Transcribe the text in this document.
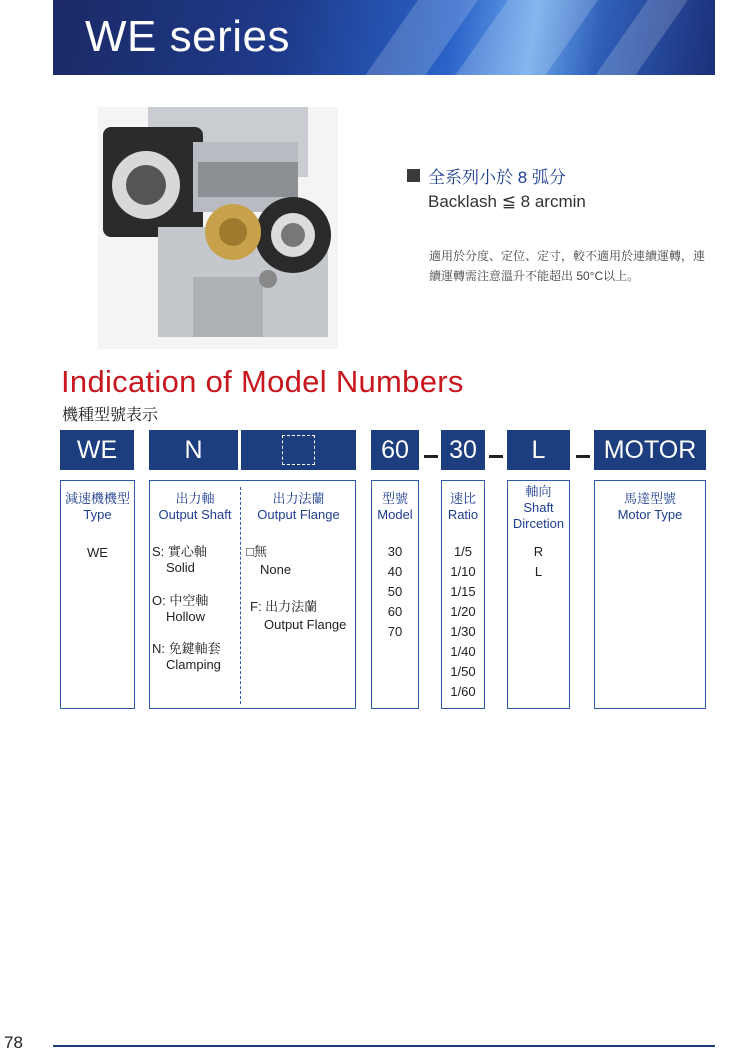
WE series
全系列小於 8 弧分
Backlash ≦ 8 arcmin
適用於分度、定位、定寸，較不適用於連續運轉，連續運轉需注意溫升不能超出 50°C以上。
Indication of Model Numbers
機種型號表示
WE	N	60 30 L MOTOR
減速機機型
Type
WE
出力軸
Output Shaft
出力法蘭
Output Flange
S: 實心軸
Solid
O: 中空軸
Hollow
N: 免鍵軸套
Clamping
□無
None
F: 出力法蘭
Output Flange
型號
Model
30
40
50
60
70
速比
Ratio
1/5
1/10
1/15
1/20
1/30
1/40
1/50
1/60
軸向
Shaft
Dircetion
R
L
馬達型號
Motor Type
78
